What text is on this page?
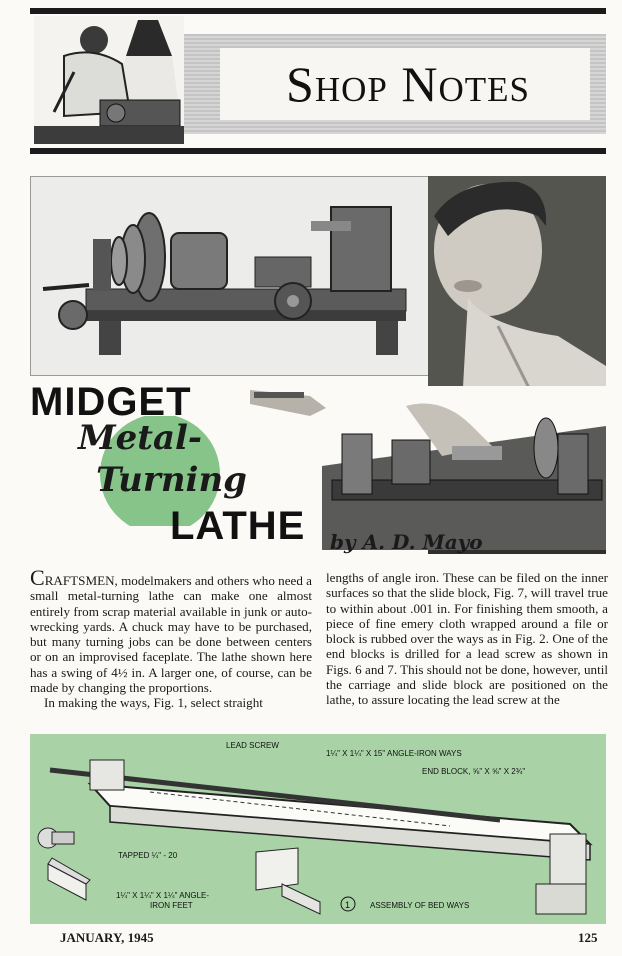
Shop Notes
MIDGET
Metal-
Turning
LATHE by A. D. Mayo

CRAFTSMEN, modelmakers and others who need a small metal-turning lathe can make one almost entirely from scrap material available in junk or auto-wrecking yards. A chuck may have to be purchased, but many turning jobs can be done between centers or on an improvised faceplate. The lathe shown here has a swing of 4½ in. A larger one, of course, can be made by changing the proportions.

In making the ways, Fig. 1, select straight

lengths of angle iron. These can be filed on the inner surfaces so that the slide block, Fig. 7, will travel true to within about .001 in. For finishing them smooth, a piece of fine emery cloth wrapped around a file or block is rubbed over the ways as in Fig. 2. One of the end blocks is drilled for a lead screw as shown in Figs. 6 and 7. This should not be done, however, until the carriage and slide block are positioned on the lathe, to assure locating the lead screw at the

LEAD SCREW
1¼" X 1¼" X 15" ANGLE-IRON WAYS
END BLOCK, ⅝" X ⅝" X 2¾"
TAPPED ¼" - 20
1¼" X 1¼" X 1¼" ANGLE-
IRON FEET	1 ASSEMBLY OF BED WAYS
JANUARY, 1945	125
